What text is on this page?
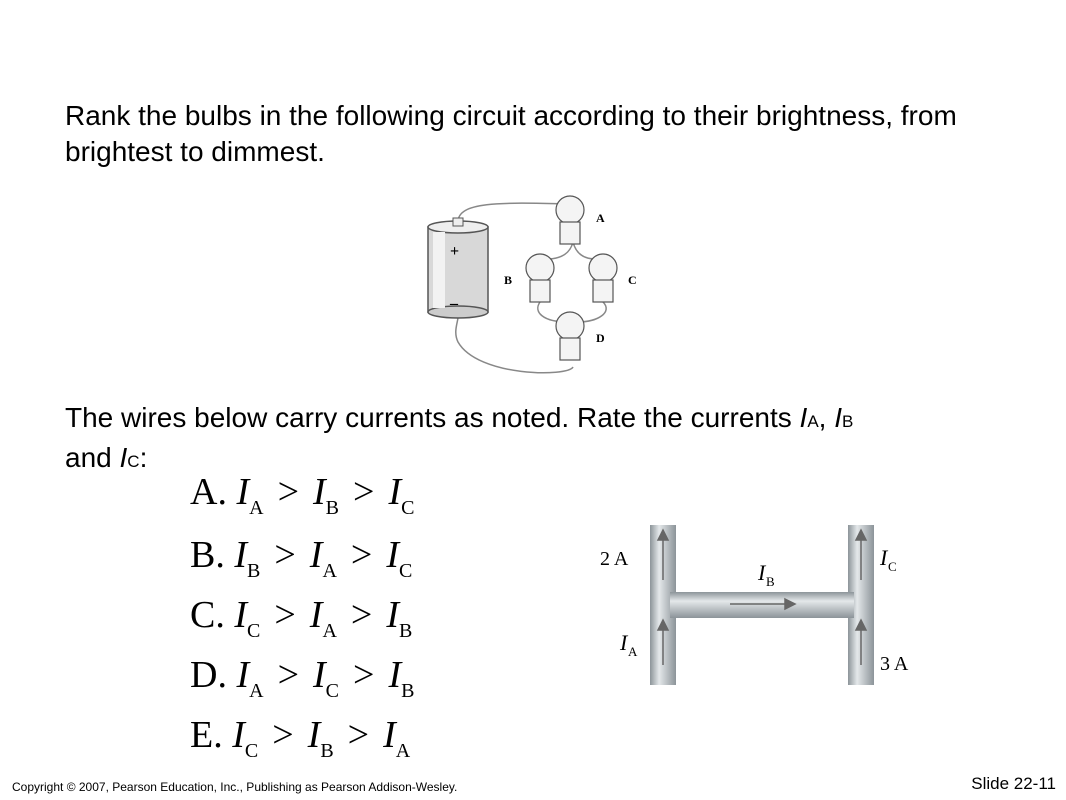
Rank the bulbs in the following circuit according to their brightness, from brightest to dimmest.
+
–
A
B	C
D
The wires below carry currents as noted. Rate the currents IA, IB
and IC:
A. $I_A > I_B > I_C$
B. $I_B > I_A > I_C$
C. $I_C > I_A > I_B$
D. $I_A > I_C > I_B$
E. $I_C > I_B > I_A$
2 A
3 A
I A
I B
I C
Copyright © 2007, Pearson Education, Inc., Publishing as Pearson Addison-Wesley.	Slide 22-11
